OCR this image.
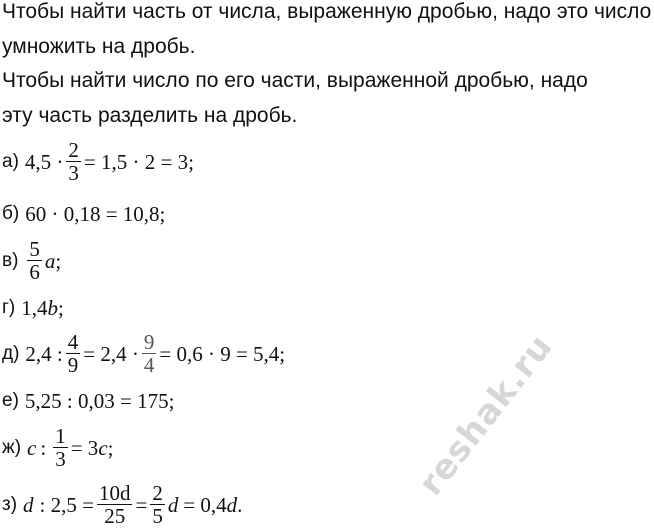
Чтобы найти часть от числа, выраженную дробью, надо это число
умножить на дробь.
Чтобы найти число по его части, выраженной дробью, надо
эту часть разделить на дробь.
а) $4,5 \cdot \frac{2}{3} = 1,5 \cdot 2 = 3$;
б) 60 · 0,18 = 10,8;
$в) \frac{5}{6}$ a ;
г) 1,4 b ;
д) 2,4 : $\frac{4}{9} = 2,4 \cdot \frac{9}{4} = 0,6 \cdot 9 = 5,4$;
е) 5,25 : 0,03 = 175;
ж) c : $\frac{1}{3} = 3$ c ;
з) d : $2,5 = \frac{10d}{25} = \frac{2}{5}$ d = 0,4 d .
reshak.ru
